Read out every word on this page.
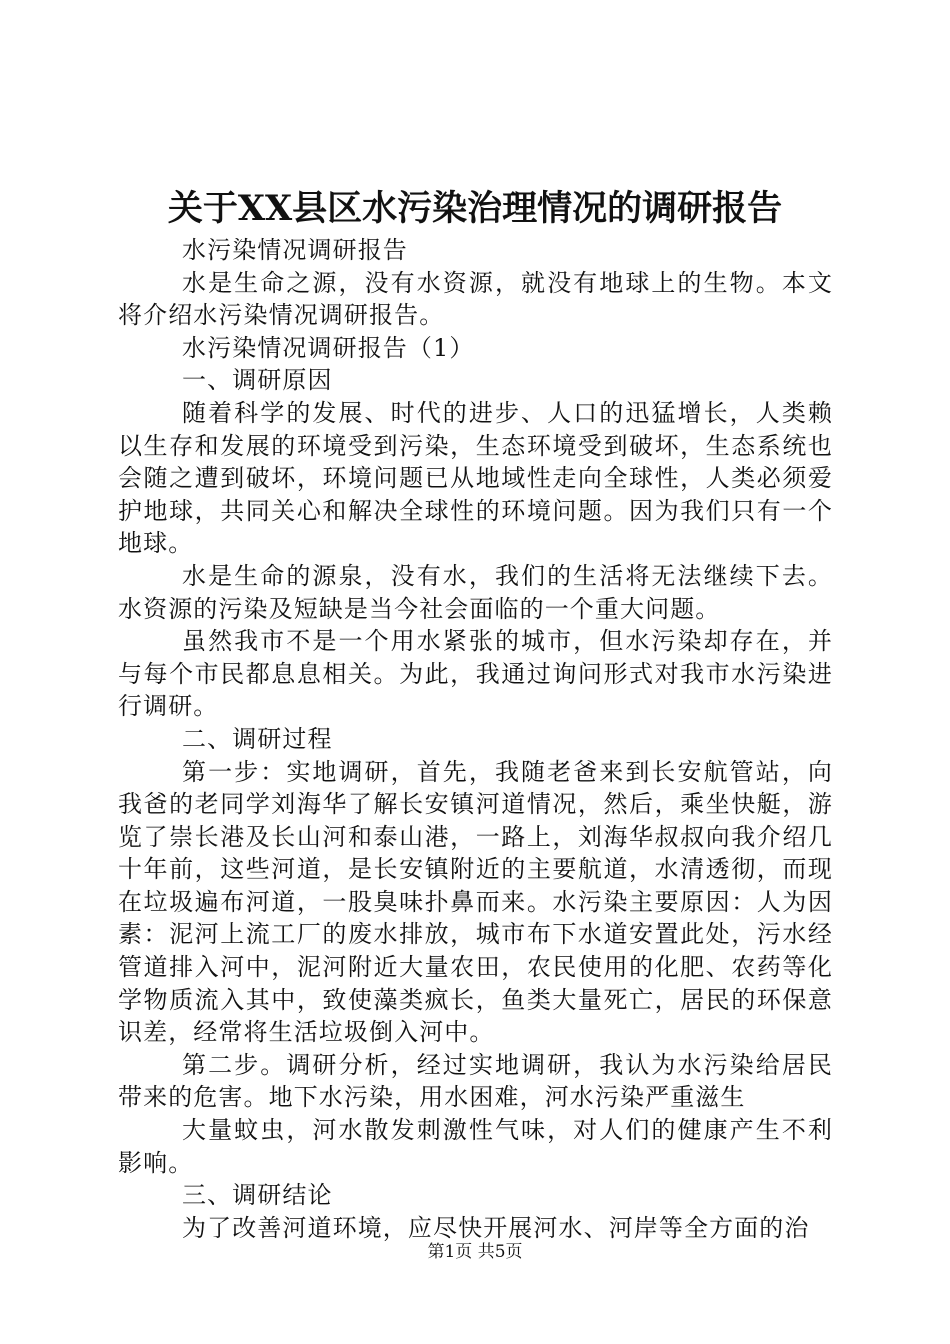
关于XX县区水污染治理情况的调研报告

水污染情况调研报告

水是生命之源，没有水资源，就没有地球上的生物。本文将介绍水污染情况调研报告。

水污染情况调研报告（1）

一、调研原因

随着科学的发展、时代的进步、人口的迅猛增长，人类赖以生存和发展的环境受到污染，生态环境受到破坏，生态系统也会随之遭到破坏，环境问题已从地域性走向全球性，人类必须爱护地球，共同关心和解决全球性的环境问题。因为我们只有一个地球。

水是生命的源泉，没有水，我们的生活将无法继续下去。水资源的污染及短缺是当今社会面临的一个重大问题。

虽然我市不是一个用水紧张的城市，但水污染却存在，并与每个市民都息息相关。为此，我通过询问形式对我市水污染进行调研。

二、调研过程

第一步：实地调研，首先，我随老爸来到长安航管站，向我爸的老同学刘海华了解长安镇河道情况，然后，乘坐快艇，游览了崇长港及长山河和泰山港，一路上，刘海华叔叔向我介绍几十年前，这些河道，是长安镇附近的主要航道，水清透彻，而现在垃圾遍布河道，一股臭味扑鼻而来。水污染主要原因：人为因素：泥河上流工厂的废水排放，城市布下水道安置此处，污水经管道排入河中，泥河附近大量农田，农民使用的化肥、农药等化学物质流入其中，致使藻类疯长，鱼类大量死亡，居民的环保意识差，经常将生活垃圾倒入河中。

第二步。调研分析，经过实地调研，我认为水污染给居民带来的危害。地下水污染，用水困难，河水污染严重滋生

大量蚊虫，河水散发刺激性气味，对人们的健康产生不利影响。

三、调研结论

为了改善河道环境，应尽快开展河水、河岸等全方面的治

第1页 共5页
